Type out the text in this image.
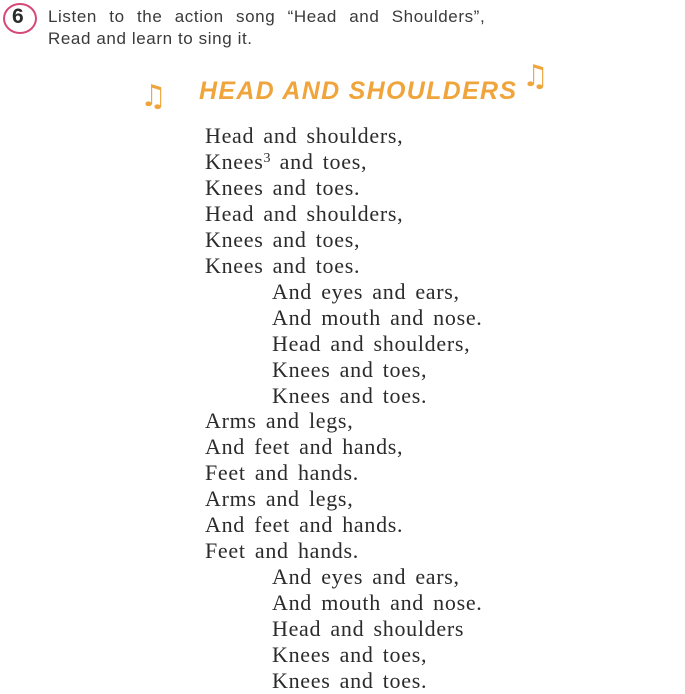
6 Listen to the action song “Head and Shoulders”,
Read and learn to sing it.
♫ HEAD AND SHOULDERS ♫
Head and shoulders,
Knees$^3$ and toes,
Knees and toes.
Head and shoulders,
Knees and toes,
Knees and toes.
And eyes and ears,
And mouth and nose.
Head and shoulders,
Knees and toes,
Knees and toes.
Arms and legs,
And feet and hands,
Feet and hands.
Arms and legs,
And feet and hands.
Feet and hands.
And eyes and ears,
And mouth and nose.
Head and shoulders
Knees and toes,
Knees and toes.
